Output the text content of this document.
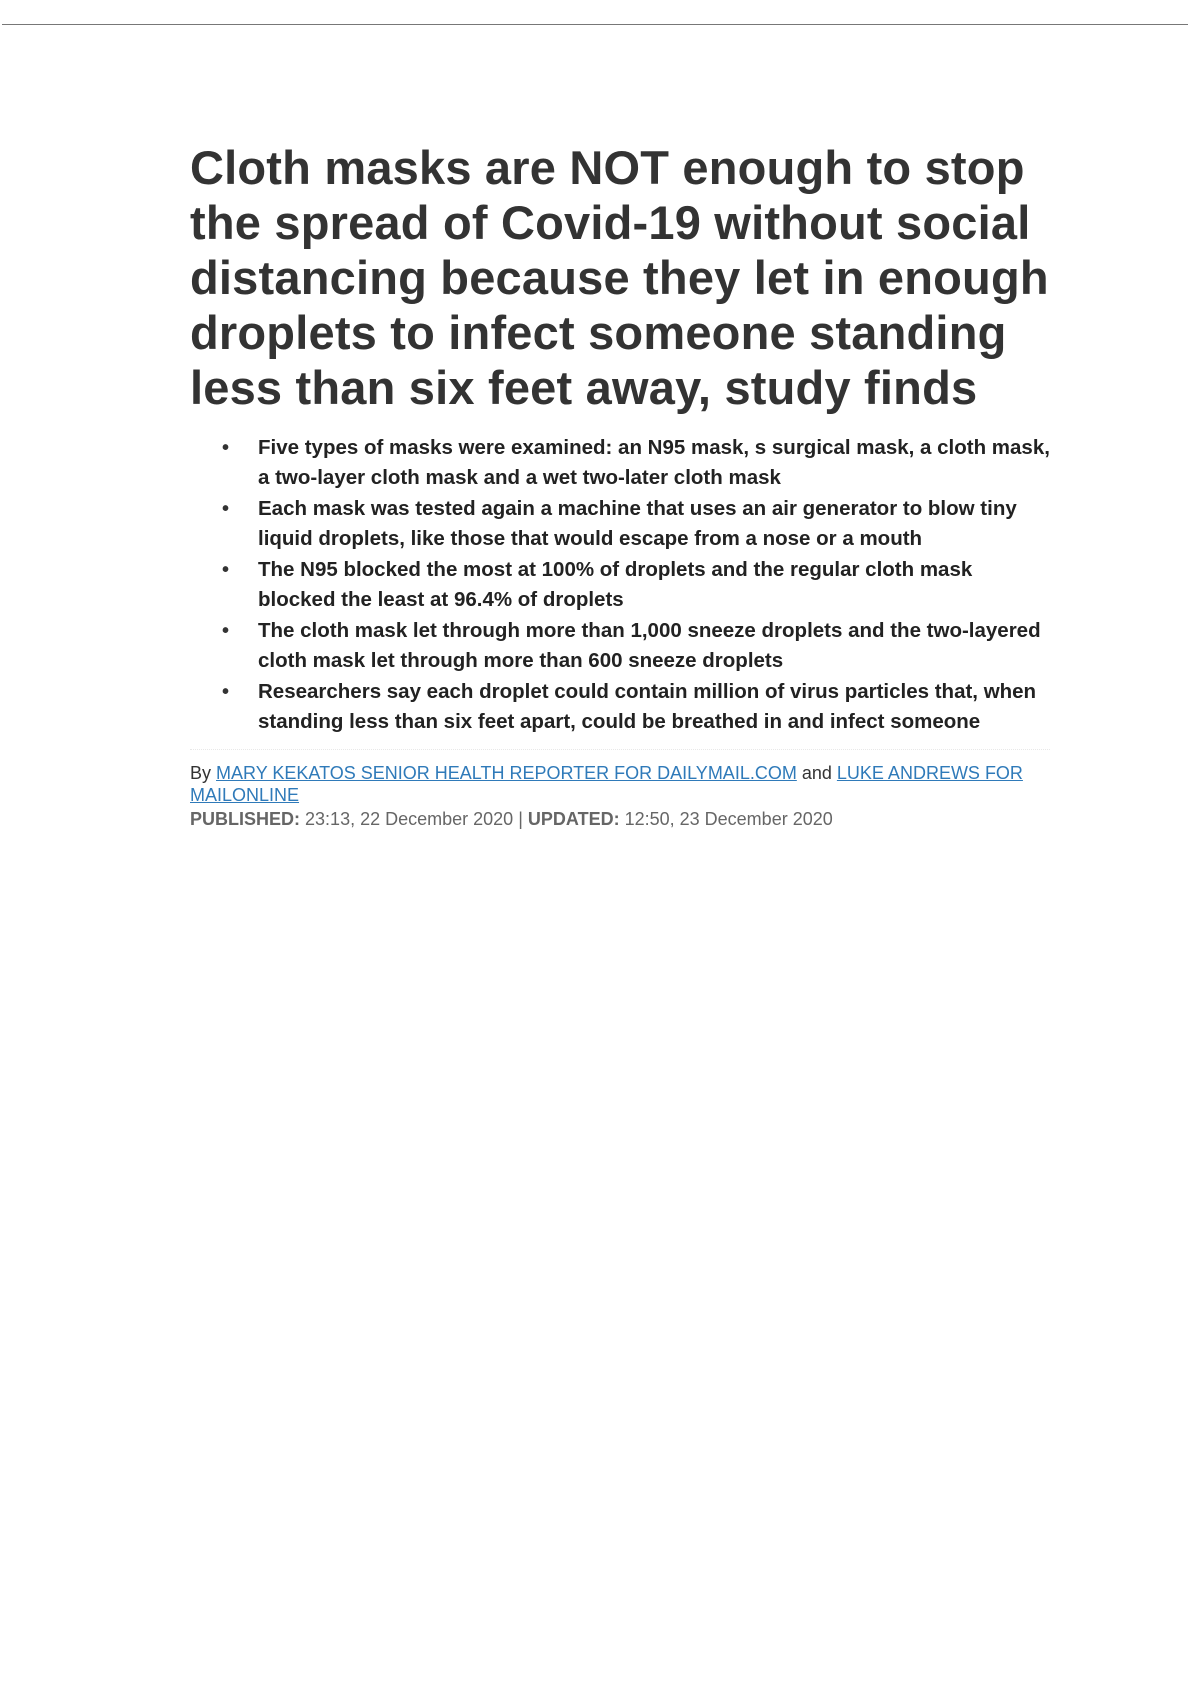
Cloth masks are NOT enough to stop the spread of Covid-19 without social distancing because they let in enough droplets to infect someone standing less than six feet away, study finds
• Five types of masks were examined: an N95 mask, s surgical mask, a cloth mask, a two-layer cloth mask and a wet two-later cloth mask
• Each mask was tested again a machine that uses an air generator to blow tiny liquid droplets, like those that would escape from a nose or a mouth
• The N95 blocked the most at 100% of droplets and the regular cloth mask blocked the least at 96.4% of droplets
• The cloth mask let through more than 1,000 sneeze droplets and the two-layered cloth mask let through more than 600 sneeze droplets
• Researchers say each droplet could contain million of virus particles that, when standing less than six feet apart, could be breathed in and infect someone
By MARY KEKATOS SENIOR HEALTH REPORTER FOR DAILYMAIL.COM and LUKE ANDREWS FOR MAILONLINE
PUBLISHED: 23:13, 22 December 2020 | UPDATED: 12:50, 23 December 2020
